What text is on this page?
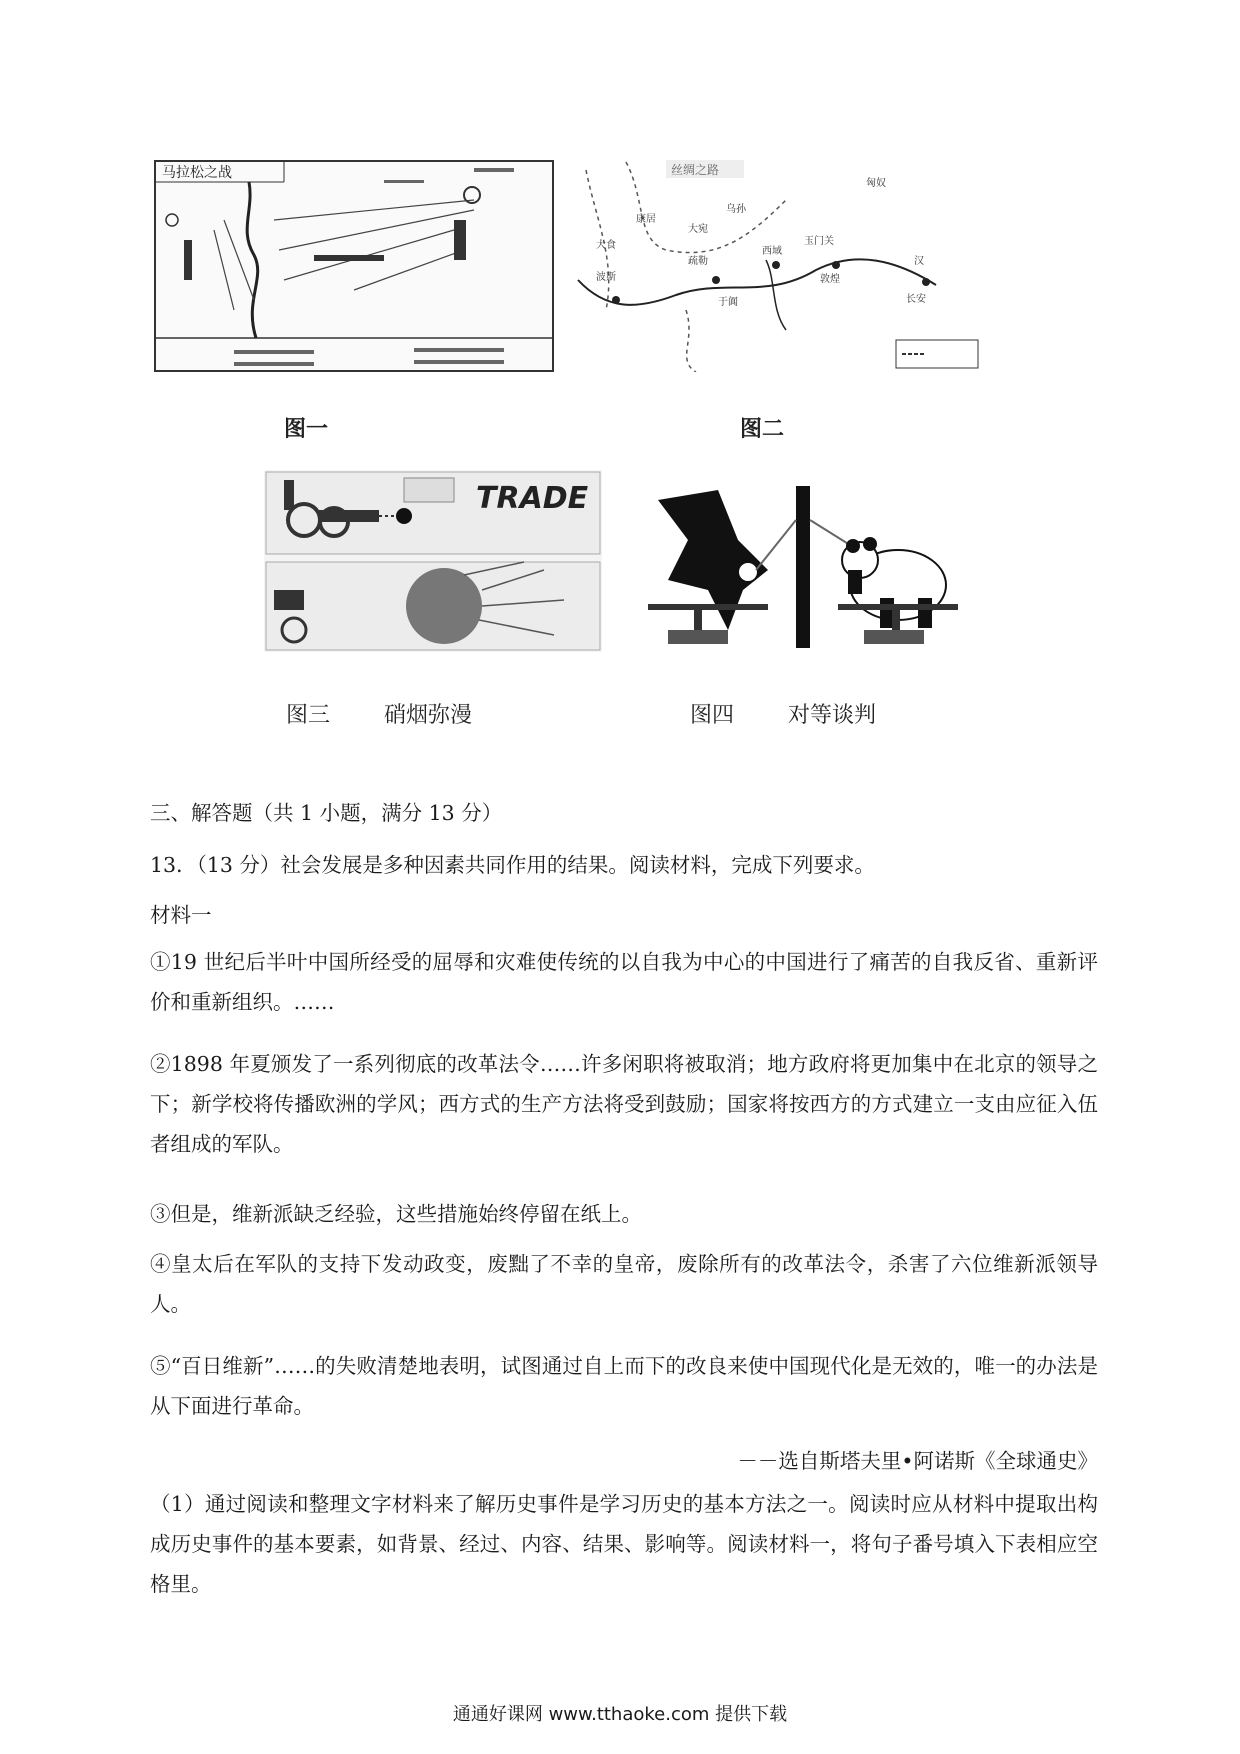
马拉松之战	丝绸之路
大食
波斯
康居
大宛
疏勒
于阗
乌孙
西域
玉门关
敦煌
长安
匈奴
汉
图一	图二
TRADE
图三 硝烟弥漫	图四 对等谈判
三、解答题（共 1 小题，满分 13 分）
13．（13 分）社会发展是多种因素共同作用的结果。阅读材料，完成下列要求。
材料一
①19 世纪后半叶中国所经受的屈辱和灾难使传统的以自我为中心的中国进行了痛苦的自我反省、重新评价和重新组织。……
②1898 年夏颁发了一系列彻底的改革法令……许多闲职将被取消；地方政府将更加集中在北京的领导之下；新学校将传播欧洲的学风；西方式的生产方法将受到鼓励；国家将按西方的方式建立一支由应征入伍者组成的军队。
③但是，维新派缺乏经验，这些措施始终停留在纸上。
④皇太后在军队的支持下发动政变，废黜了不幸的皇帝，废除所有的改革法令，杀害了六位维新派领导人。
⑤“百日维新”……的失败清楚地表明，试图通过自上而下的改良来使中国现代化是无效的，唯一的办法是从下面进行革命。
－－选自斯塔夫里•阿诺斯《全球通史》
（1）通过阅读和整理文字材料来了解历史事件是学习历史的基本方法之一。阅读时应从材料中提取出构成历史事件的基本要素，如背景、经过、内容、结果、影响等。阅读材料一，将句子番号填入下表相应空格里。
通通好课网 www.tthaoke.com 提供下载
